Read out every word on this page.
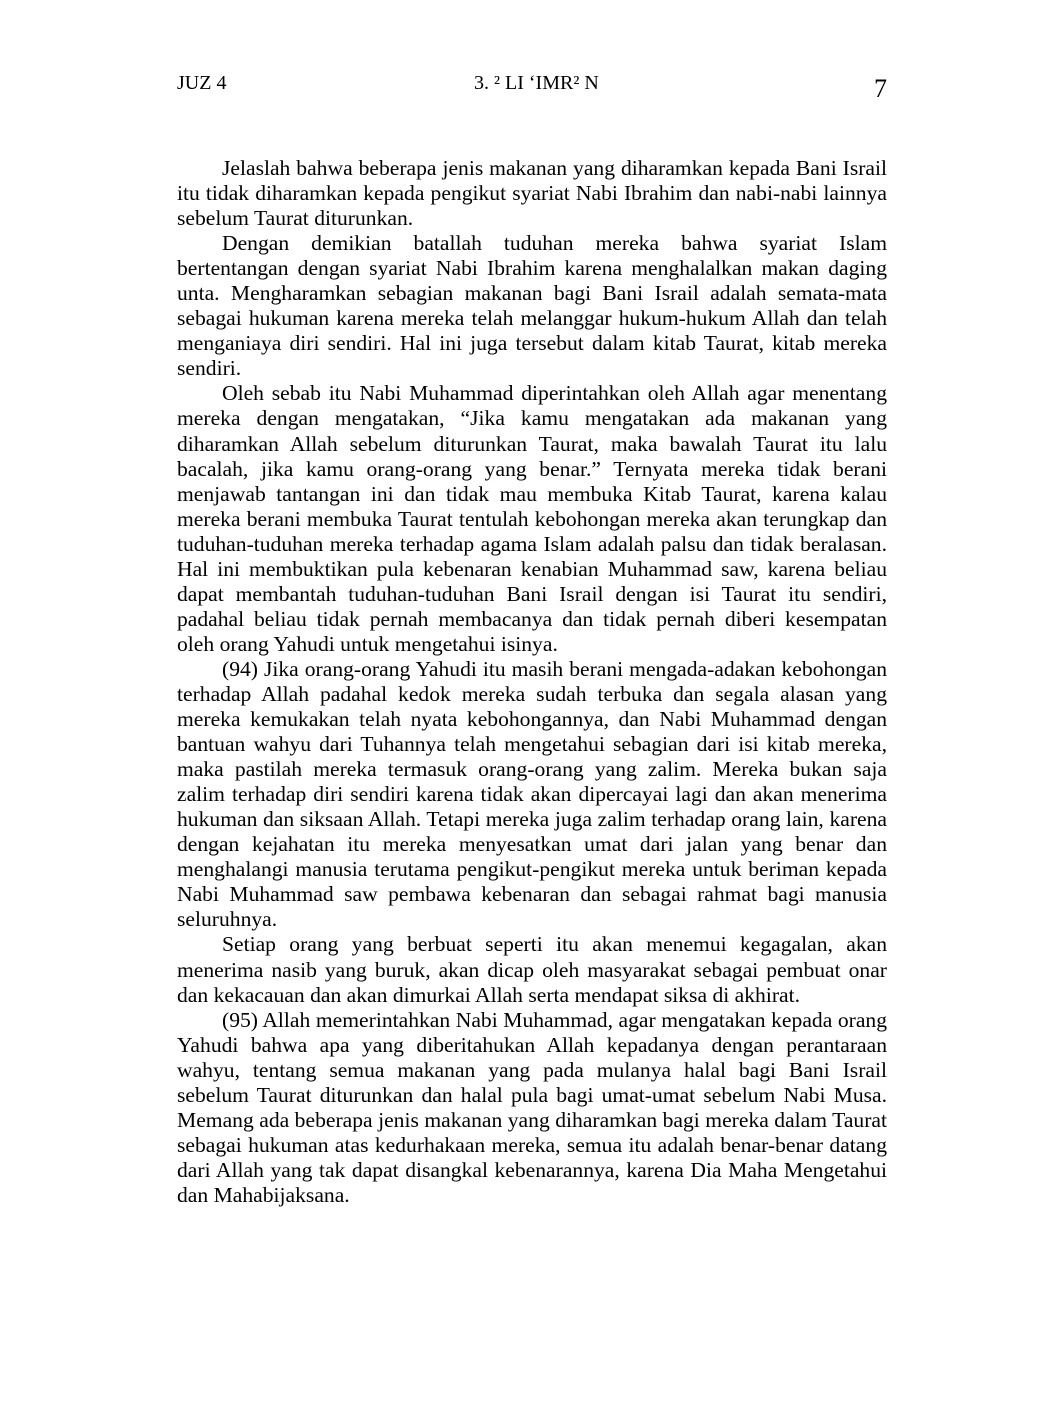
JUZ 4	3. ² LI ‘IMR² N	7

Jelaslah bahwa beberapa jenis makanan yang diharamkan kepada Bani Israil itu tidak diharamkan kepada pengikut syariat Nabi Ibrahim dan nabi-nabi lainnya sebelum Taurat diturunkan.

Dengan demikian batallah tuduhan mereka bahwa syariat Islam bertentangan dengan syariat Nabi Ibrahim karena menghalalkan makan daging unta. Mengharamkan sebagian makanan bagi Bani Israil adalah semata-mata sebagai hukuman karena mereka telah melanggar hukum-hukum Allah dan telah menganiaya diri sendiri. Hal ini juga tersebut dalam kitab Taurat, kitab mereka sendiri.

Oleh sebab itu Nabi Muhammad diperintahkan oleh Allah agar menentang mereka dengan mengatakan, “Jika kamu mengatakan ada makanan yang diharamkan Allah sebelum diturunkan Taurat, maka bawalah Taurat itu lalu bacalah, jika kamu orang-orang yang benar.” Ternyata mereka tidak berani menjawab tantangan ini dan tidak mau membuka Kitab Taurat, karena kalau mereka berani membuka Taurat tentulah kebohongan mereka akan terungkap dan tuduhan-tuduhan mereka terhadap agama Islam adalah palsu dan tidak beralasan. Hal ini membuktikan pula kebenaran kenabian Muhammad saw, karena beliau dapat membantah tuduhan-tuduhan Bani Israil dengan isi Taurat itu sendiri, padahal beliau tidak pernah membacanya dan tidak pernah diberi kesempatan oleh orang Yahudi untuk mengetahui isinya.

(94) Jika orang-orang Yahudi itu masih berani mengada-adakan kebohongan terhadap Allah padahal kedok mereka sudah terbuka dan segala alasan yang mereka kemukakan telah nyata kebohongannya, dan Nabi Muhammad dengan bantuan wahyu dari Tuhannya telah mengetahui sebagian dari isi kitab mereka, maka pastilah mereka termasuk orang-orang yang zalim. Mereka bukan saja zalim terhadap diri sendiri karena tidak akan dipercayai lagi dan akan menerima hukuman dan siksaan Allah. Tetapi mereka juga zalim terhadap orang lain, karena dengan kejahatan itu mereka menyesatkan umat dari jalan yang benar dan menghalangi manusia terutama pengikut-pengikut mereka untuk beriman kepada Nabi Muhammad saw pembawa kebenaran dan sebagai rahmat bagi manusia seluruhnya.

Setiap orang yang berbuat seperti itu akan menemui kegagalan, akan menerima nasib yang buruk, akan dicap oleh masyarakat sebagai pembuat onar dan kekacauan dan akan dimurkai Allah serta mendapat siksa di akhirat.

(95) Allah memerintahkan Nabi Muhammad, agar mengatakan kepada orang Yahudi bahwa apa yang diberitahukan Allah kepadanya dengan perantaraan wahyu, tentang semua makanan yang pada mulanya halal bagi Bani Israil sebelum Taurat diturunkan dan halal pula bagi umat-umat sebelum Nabi Musa. Memang ada beberapa jenis makanan yang diharamkan bagi mereka dalam Taurat sebagai hukuman atas kedurhakaan mereka, semua itu adalah benar-benar datang dari Allah yang tak dapat disangkal kebenarannya, karena Dia Maha Mengetahui dan Mahabijaksana.
